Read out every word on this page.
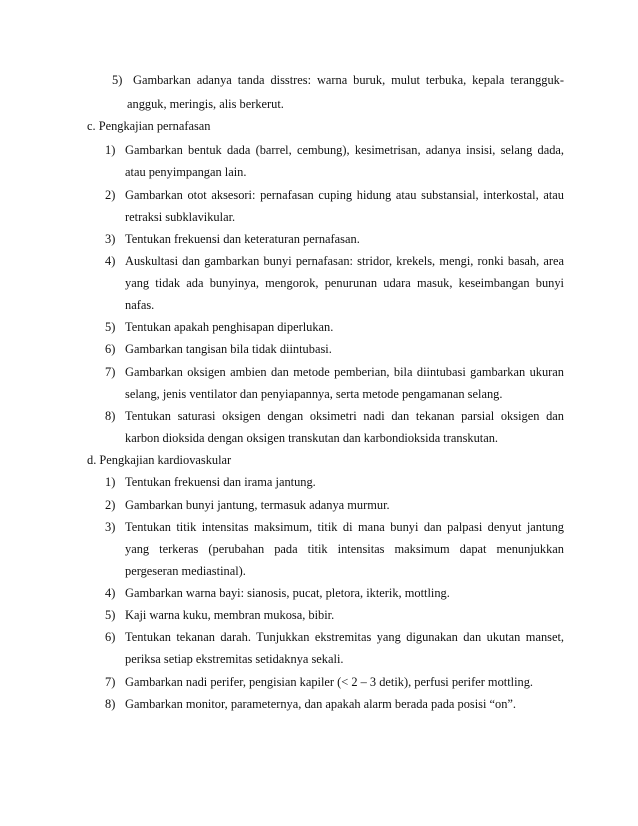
5) Gambarkan adanya tanda disstres: warna buruk, mulut terbuka, kepala terangguk-
angguk, meringis, alis berkerut.
c. Pengkajian pernafasan
1) Gambarkan bentuk dada (barrel, cembung), kesimetrisan, adanya insisi, selang dada,
atau penyimpangan lain.
2) Gambarkan otot aksesori: pernafasan cuping hidung atau substansial, interkostal, atau
retraksi subklavikular.
3) Tentukan frekuensi dan keteraturan pernafasan.
4) Auskultasi dan gambarkan bunyi pernafasan: stridor, krekels, mengi, ronki basah, area
yang tidak ada bunyinya, mengorok, penurunan udara masuk, keseimbangan bunyi
nafas.
5) Tentukan apakah penghisapan diperlukan.
6) Gambarkan tangisan bila tidak diintubasi.
7) Gambarkan oksigen ambien dan metode pemberian, bila diintubasi gambarkan ukuran
selang, jenis ventilator dan penyiapannya, serta metode pengamanan selang.
8) Tentukan saturasi oksigen dengan oksimetri nadi dan tekanan parsial oksigen dan
karbon dioksida dengan oksigen transkutan dan karbondioksida transkutan.
d. Pengkajian kardiovaskular
1) Tentukan frekuensi dan irama jantung.
2) Gambarkan bunyi jantung, termasuk adanya murmur.
3) Tentukan titik intensitas maksimum, titik di mana bunyi dan palpasi denyut jantung
yang terkeras (perubahan pada titik intensitas maksimum dapat menunjukkan
pergeseran mediastinal).
4) Gambarkan warna bayi: sianosis, pucat, pletora, ikterik, mottling.
5) Kaji warna kuku, membran mukosa, bibir.
6) Tentukan tekanan darah. Tunjukkan ekstremitas yang digunakan dan ukutan manset,
periksa setiap ekstremitas setidaknya sekali.
7) Gambarkan nadi perifer, pengisian kapiler (< 2 – 3 detik), perfusi perifer mottling.
8) Gambarkan monitor, parameternya, dan apakah alarm berada pada posisi “on”.
